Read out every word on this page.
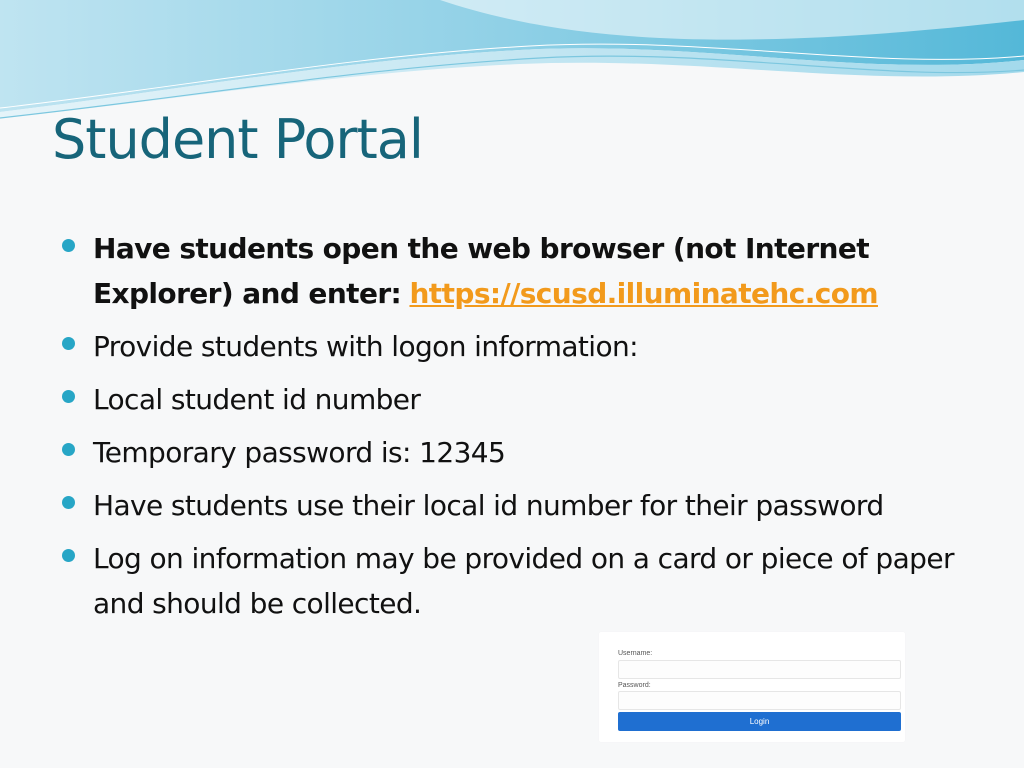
Student Portal
Have students open the web browser (not Internet Explorer) and enter: https://scusd.illuminatehc.com
Provide students with logon information:
Local student id number
Temporary password is: 12345
Have students use their local id number for their password
Log on information may be provided on a card or piece of paper and should be collected.
Username:
Password:
Login
